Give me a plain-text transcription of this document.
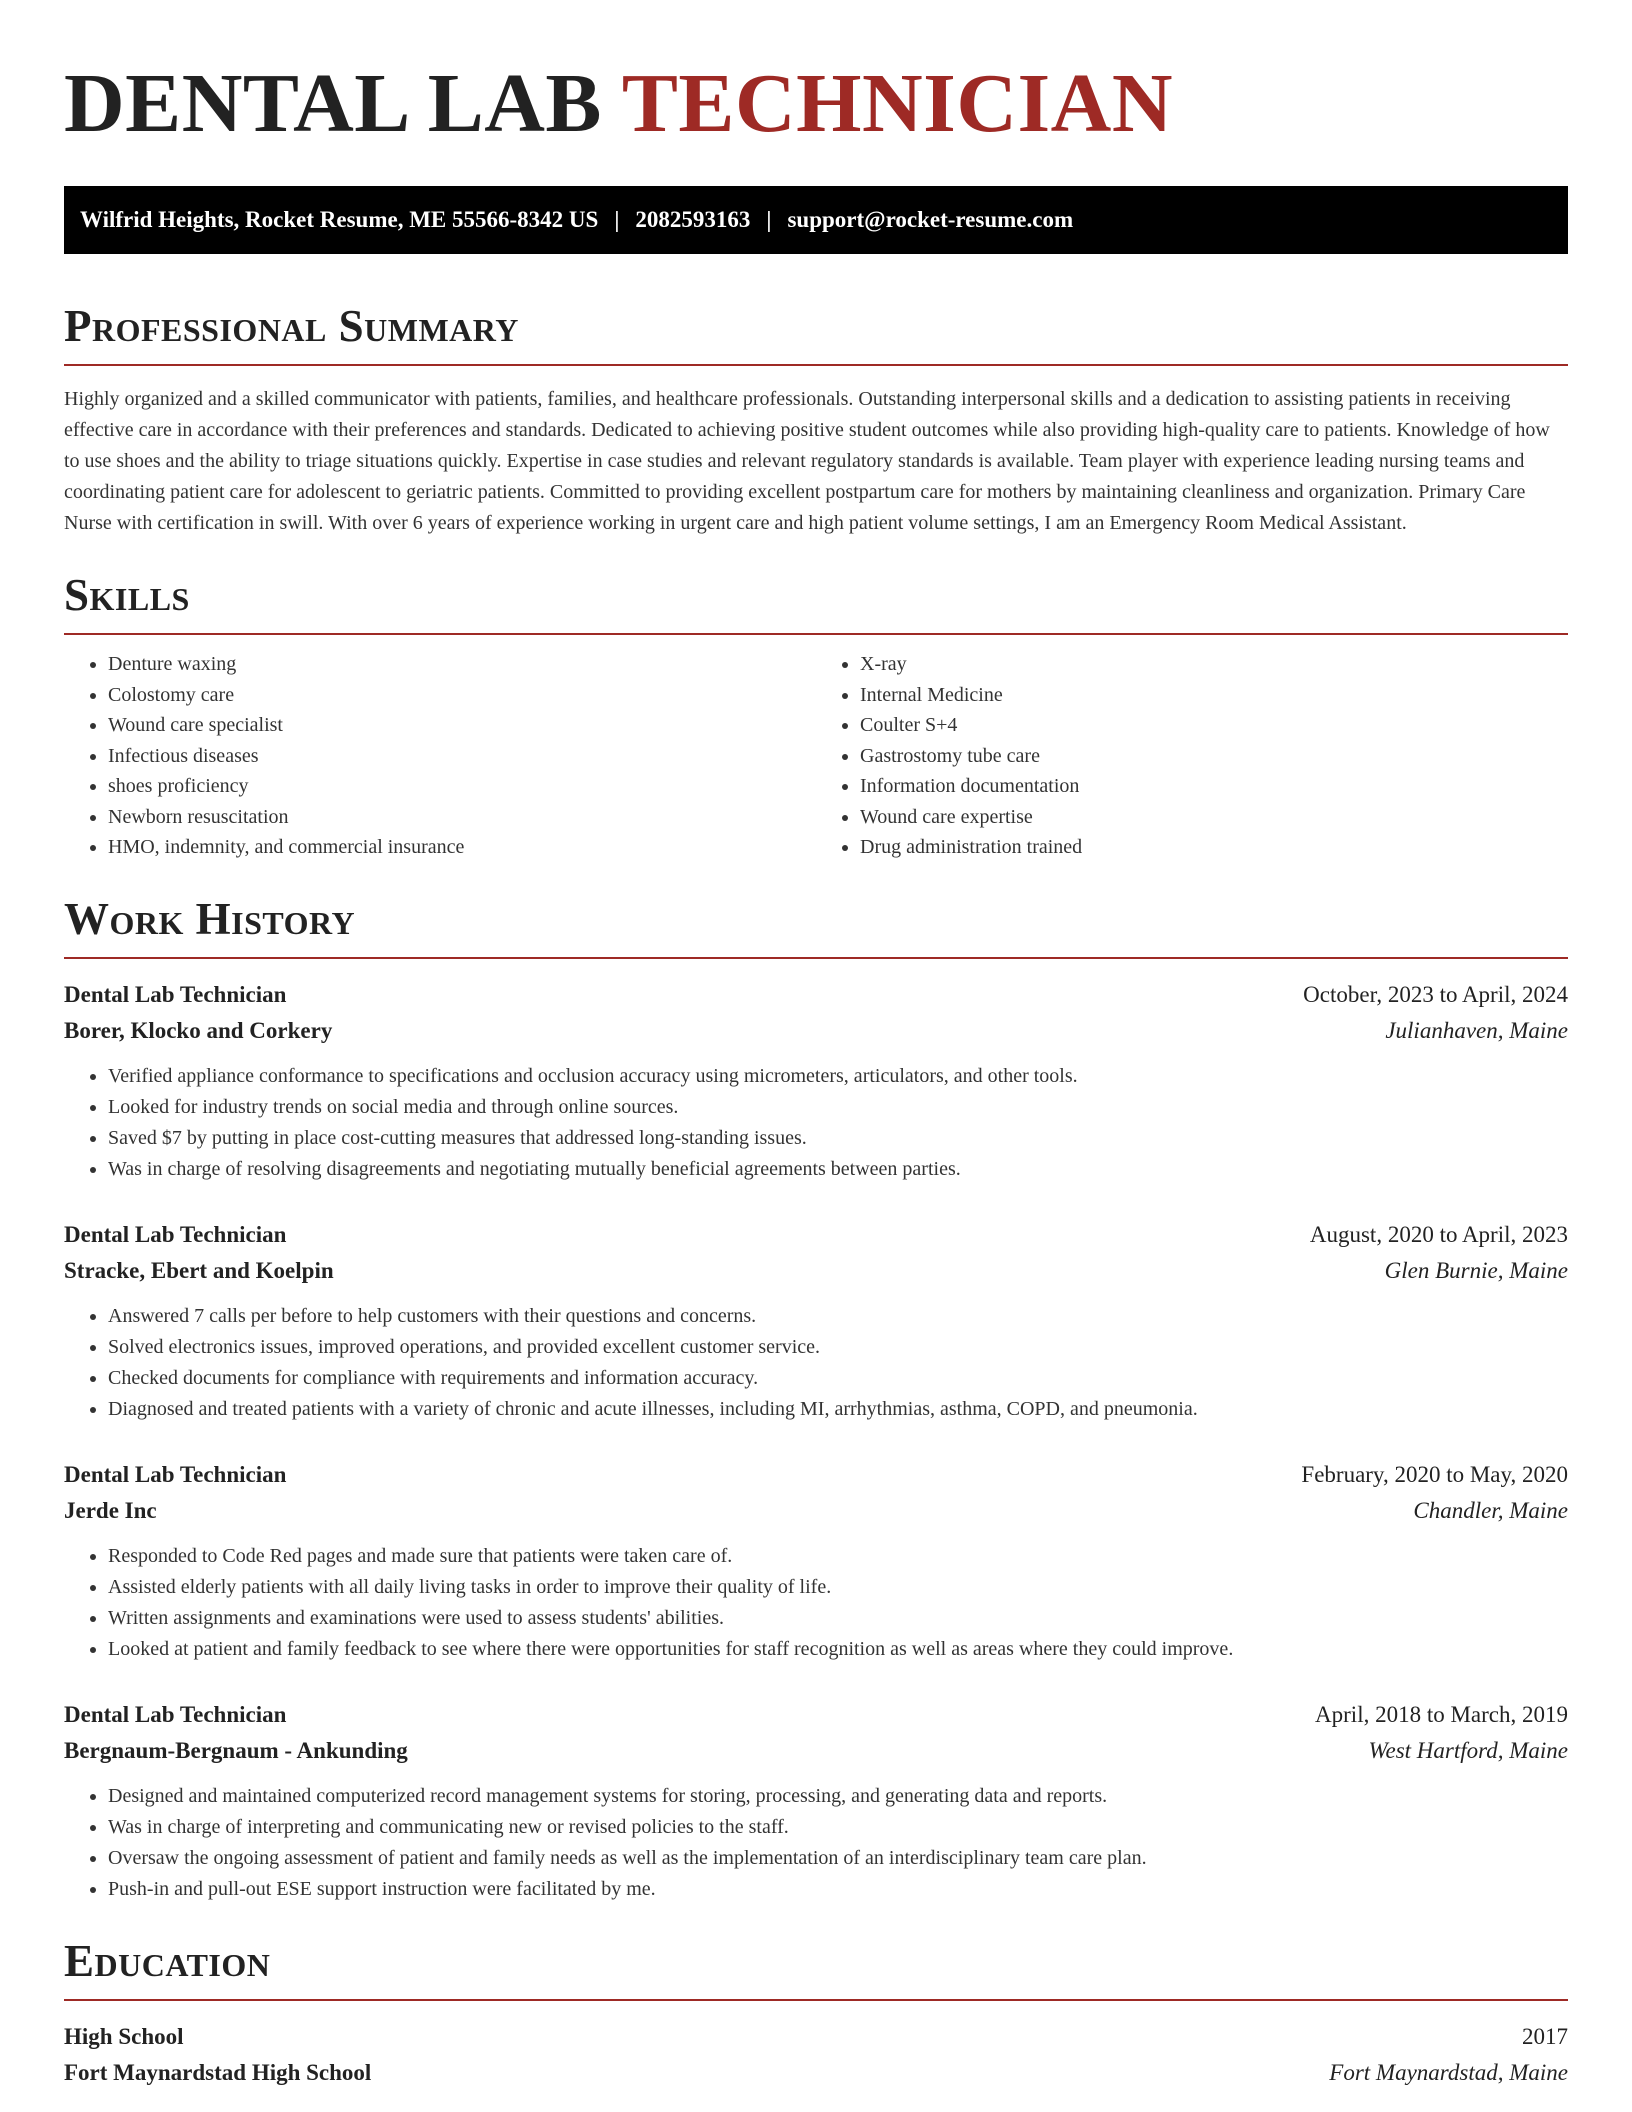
DENTAL LAB TECHNICIAN
Wilfrid Heights, Rocket Resume, ME 55566-8342 US | 2082593163 | support@rocket-resume.com
Professional Summary

Highly organized and a skilled communicator with patients, families, and healthcare professionals. Outstanding interpersonal skills and a dedication to assisting patients in receiving effective care in accordance with their preferences and standards. Dedicated to achieving positive student outcomes while also providing high-quality care to patients. Knowledge of how to use shoes and the ability to triage situations quickly. Expertise in case studies and relevant regulatory standards is available. Team player with experience leading nursing teams and coordinating patient care for adolescent to geriatric patients. Committed to providing excellent postpartum care for mothers by maintaining cleanliness and organization. Primary Care Nurse with certification in swill. With over 6 years of experience working in urgent care and high patient volume settings, I am an Emergency Room Medical Assistant.

Skills
• Denture waxing
• Colostomy care
• Wound care specialist
• Infectious diseases
• shoes proficiency
• Newborn resuscitation
• HMO, indemnity, and commercial insurance
• X-ray
• Internal Medicine
• Coulter S+4
• Gastrostomy tube care
• Information documentation
• Wound care expertise
• Drug administration trained
Work History
Dental Lab Technician	October, 2023 to April, 2024
Borer, Klocko and Corkery	Julianhaven, Maine
• Verified appliance conformance to specifications and occlusion accuracy using micrometers, articulators, and other tools.
• Looked for industry trends on social media and through online sources.
• Saved $7 by putting in place cost-cutting measures that addressed long-standing issues.
• Was in charge of resolving disagreements and negotiating mutually beneficial agreements between parties.
Dental Lab Technician	August, 2020 to April, 2023
Stracke, Ebert and Koelpin	Glen Burnie, Maine
• Answered 7 calls per before to help customers with their questions and concerns.
• Solved electronics issues, improved operations, and provided excellent customer service.
• Checked documents for compliance with requirements and information accuracy.
• Diagnosed and treated patients with a variety of chronic and acute illnesses, including MI, arrhythmias, asthma, COPD, and pneumonia.
Dental Lab Technician	February, 2020 to May, 2020
Jerde Inc	Chandler, Maine
• Responded to Code Red pages and made sure that patients were taken care of.
• Assisted elderly patients with all daily living tasks in order to improve their quality of life.
• Written assignments and examinations were used to assess students' abilities.
• Looked at patient and family feedback to see where there were opportunities for staff recognition as well as areas where they could improve.
Dental Lab Technician	April, 2018 to March, 2019
Bergnaum-Bergnaum - Ankunding	West Hartford, Maine
• Designed and maintained computerized record management systems for storing, processing, and generating data and reports.
• Was in charge of interpreting and communicating new or revised policies to the staff.
• Oversaw the ongoing assessment of patient and family needs as well as the implementation of an interdisciplinary team care plan.
• Push-in and pull-out ESE support instruction were facilitated by me.
Education
High School	2017
Fort Maynardstad High School	Fort Maynardstad, Maine
